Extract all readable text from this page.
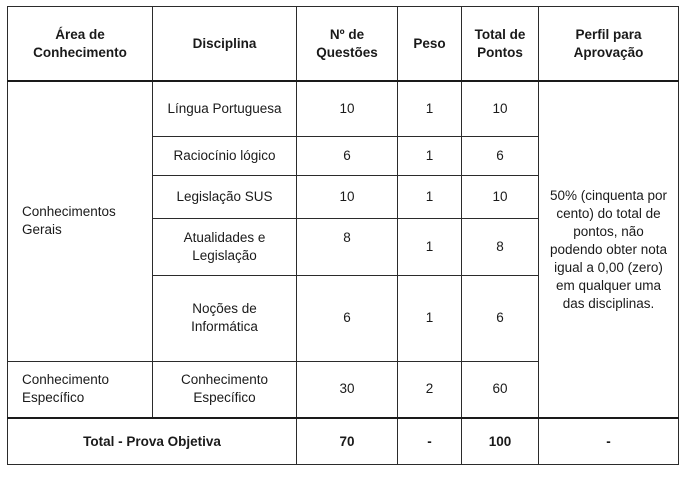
Área de Conhecimento	Disciplina	Nº de Questões	Peso	Total de Pontos	Perfil para Aprovação
Conhecimentos Gerais	Língua Portuguesa	10	1	10	50% (cinquenta por cento) do total de pontos, não podendo obter nota igual a 0,00 (zero) em qualquer uma das disciplinas.
	Raciocínio lógico	6	1	6	
	Legislação SUS	10	1	10	
	Atualidades e Legislação	8	1	8	
	Noções de Informática	6	1	6	
Conhecimento Específico	Conhecimento Específico	30	2	60	
Total - Prova Objetiva		70	-	100	-
